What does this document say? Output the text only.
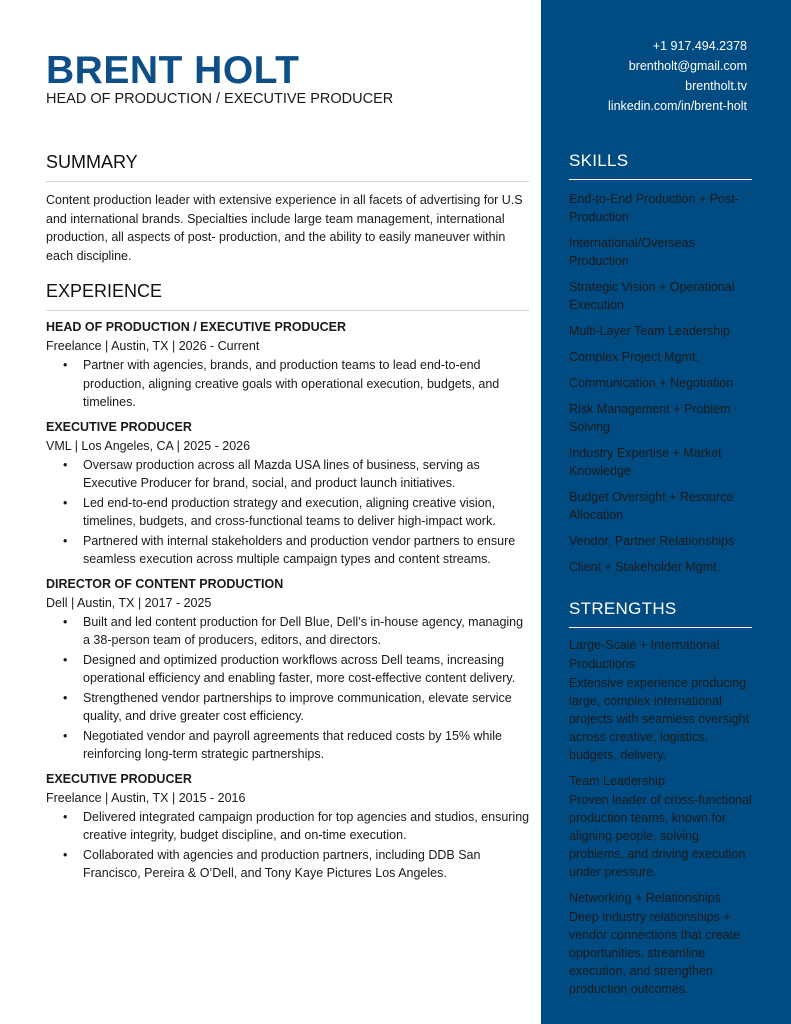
BRENT HOLT
HEAD OF PRODUCTION / EXECUTIVE PRODUCER
SUMMARY
Content production leader with extensive experience in all facets of advertising for U.S and international brands. Specialties include large team management, international production, all aspects of post- production, and the ability to easily maneuver within each discipline.
EXPERIENCE
HEAD OF PRODUCTION / EXECUTIVE PRODUCER
Freelance | Austin, TX | 2026 - Current
• Partner with agencies, brands, and production teams to lead end-to-end production, aligning creative goals with operational execution, budgets, and timelines.
EXECUTIVE PRODUCER
VML | Los Angeles, CA | 2025 - 2026
• Oversaw production across all Mazda USA lines of business, serving as Executive Producer for brand, social, and product launch initiatives.
• Led end-to-end production strategy and execution, aligning creative vision, timelines, budgets, and cross-functional teams to deliver high-impact work.
• Partnered with internal stakeholders and production vendor partners to ensure seamless execution across multiple campaign types and content streams.
DIRECTOR OF CONTENT PRODUCTION
Dell | Austin, TX | 2017 - 2025
• Built and led content production for Dell Blue, Dell’s in-house agency, managing a 38-person team of producers, editors, and directors.
• Designed and optimized production workflows across Dell teams, increasing operational efficiency and enabling faster, more cost-effective content delivery.
• Strengthened vendor partnerships to improve communication, elevate service quality, and drive greater cost efficiency.
• Negotiated vendor and payroll agreements that reduced costs by 15% while reinforcing long-term strategic partnerships.
EXECUTIVE PRODUCER
Freelance | Austin, TX | 2015 - 2016
• Delivered integrated campaign production for top agencies and studios, ensuring creative integrity, budget discipline, and on-time execution.
• Collaborated with agencies and production partners, including DDB San Francisco, Pereira & O’Dell, and Tony Kaye Pictures Los Angeles.
+1 917.494.2378
brentholt@gmail.com
brentholt.tv
linkedin.com/in/brent-holt
SKILLS
End-to-End Production + Post-Production
International/Overseas Production
Strategic Vision + Operational Execution
Multi-Layer Team Leadership
Complex Project Mgmt.
Communication + Negotiation
Risk Management + Problem Solving
Industry Expertise + Market Knowledge
Budget Oversight + Resource Allocation
Vendor, Partner Relationships
Client + Stakeholder Mgmt.
STRENGTHS
Large-Scale + International Productions
Extensive experience producing large, complex international projects with seamless oversight across creative, logistics, budgets, delivery.
Team Leadership
Proven leader of cross-functional production teams, known for aligning people, solving problems, and driving execution under pressure.
Networking + Relationships
Deep industry relationships + vendor connections that create opportunities, streamline execution, and strengthen production outcomes.
